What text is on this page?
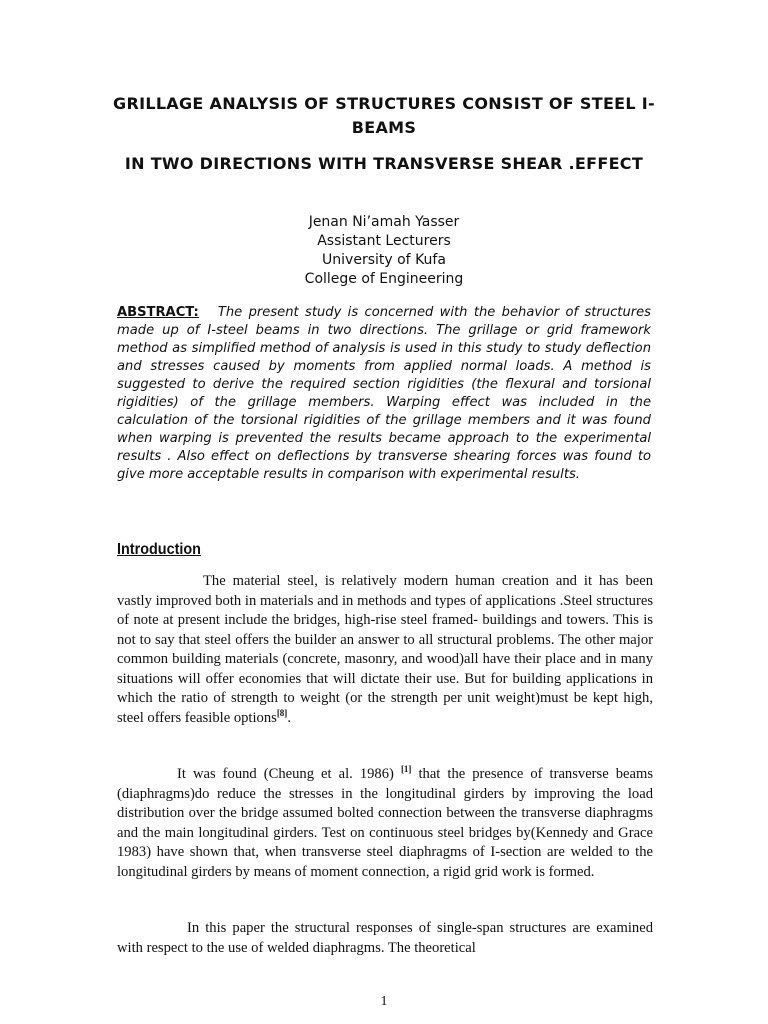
GRILLAGE ANALYSIS OF STRUCTURES CONSIST OF STEEL I-BEAMS
IN TWO DIRECTIONS WITH TRANSVERSE SHEAR .EFFECT
Jenan Ni’amah Yasser
Assistant Lecturers
University of Kufa
College of Engineering
ABSTRACT: The present study is concerned with the behavior of structures made up of I-steel beams in two directions. The grillage or grid framework method as simplified method of analysis is used in this study to study deflection and stresses caused by moments from applied normal loads. A method is suggested to derive the required section rigidities (the flexural and torsional rigidities) of the grillage members. Warping effect was included in the calculation of the torsional rigidities of the grillage members and it was found when warping is prevented the results became approach to the experimental results . Also effect on deflections by transverse shearing forces was found to give more acceptable results in comparison with experimental results.
Introduction
The material steel, is relatively modern human creation and it has been vastly improved both in materials and in methods and types of applications .Steel structures of note at present include the bridges, high-rise steel framed- buildings and towers. This is not to say that steel offers the builder an answer to all structural problems. The other major common building materials (concrete, masonry, and wood)all have their place and in many situations will offer economies that will dictate their use. But for building applications in which the ratio of strength to weight (or the strength per unit weight)must be kept high, steel offers feasible options[8].
It was found (Cheung et al. 1986) [1] that the presence of transverse beams (diaphragms)do reduce the stresses in the longitudinal girders by improving the load distribution over the bridge assumed bolted connection between the transverse diaphragms and the main longitudinal girders. Test on continuous steel bridges by(Kennedy and Grace 1983) have shown that, when transverse steel diaphragms of I-section are welded to the longitudinal girders by means of moment connection, a rigid grid work is formed.
In this paper the structural responses of single-span structures are examined with respect to the use of welded diaphragms. The theoretical
1
